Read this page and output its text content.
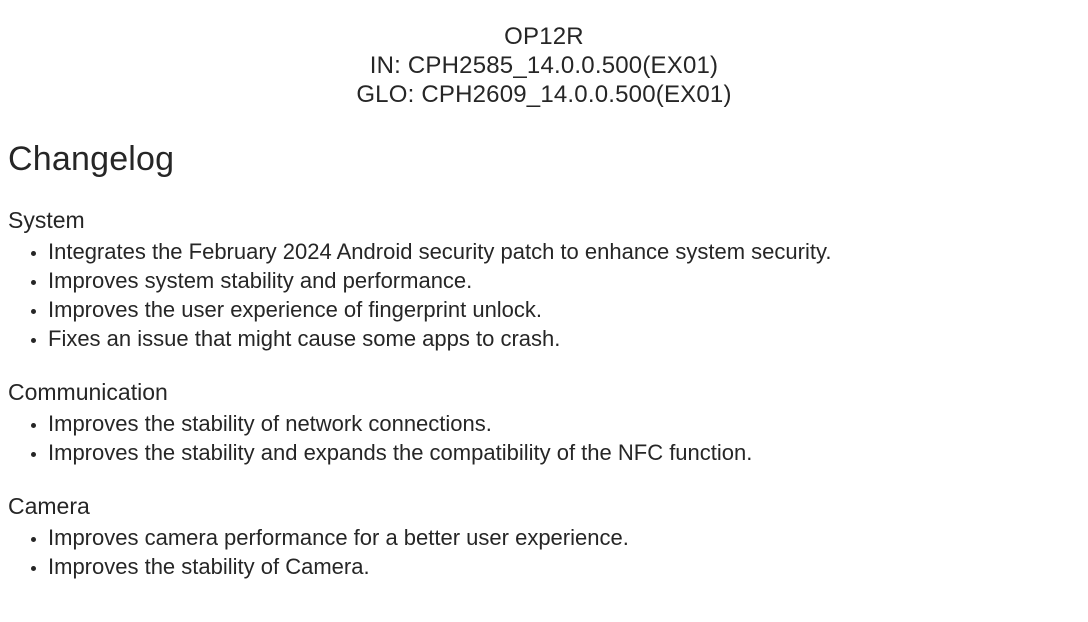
OP12R
IN: CPH2585_14.0.0.500(EX01)
GLO: CPH2609_14.0.0.500(EX01)
Changelog
System
• Integrates the February 2024 Android security patch to enhance system security.
• Improves system stability and performance.
• Improves the user experience of fingerprint unlock.
• Fixes an issue that might cause some apps to crash.
Communication
• Improves the stability of network connections.
• Improves the stability and expands the compatibility of the NFC function.
Camera
• Improves camera performance for a better user experience.
• Improves the stability of Camera.
